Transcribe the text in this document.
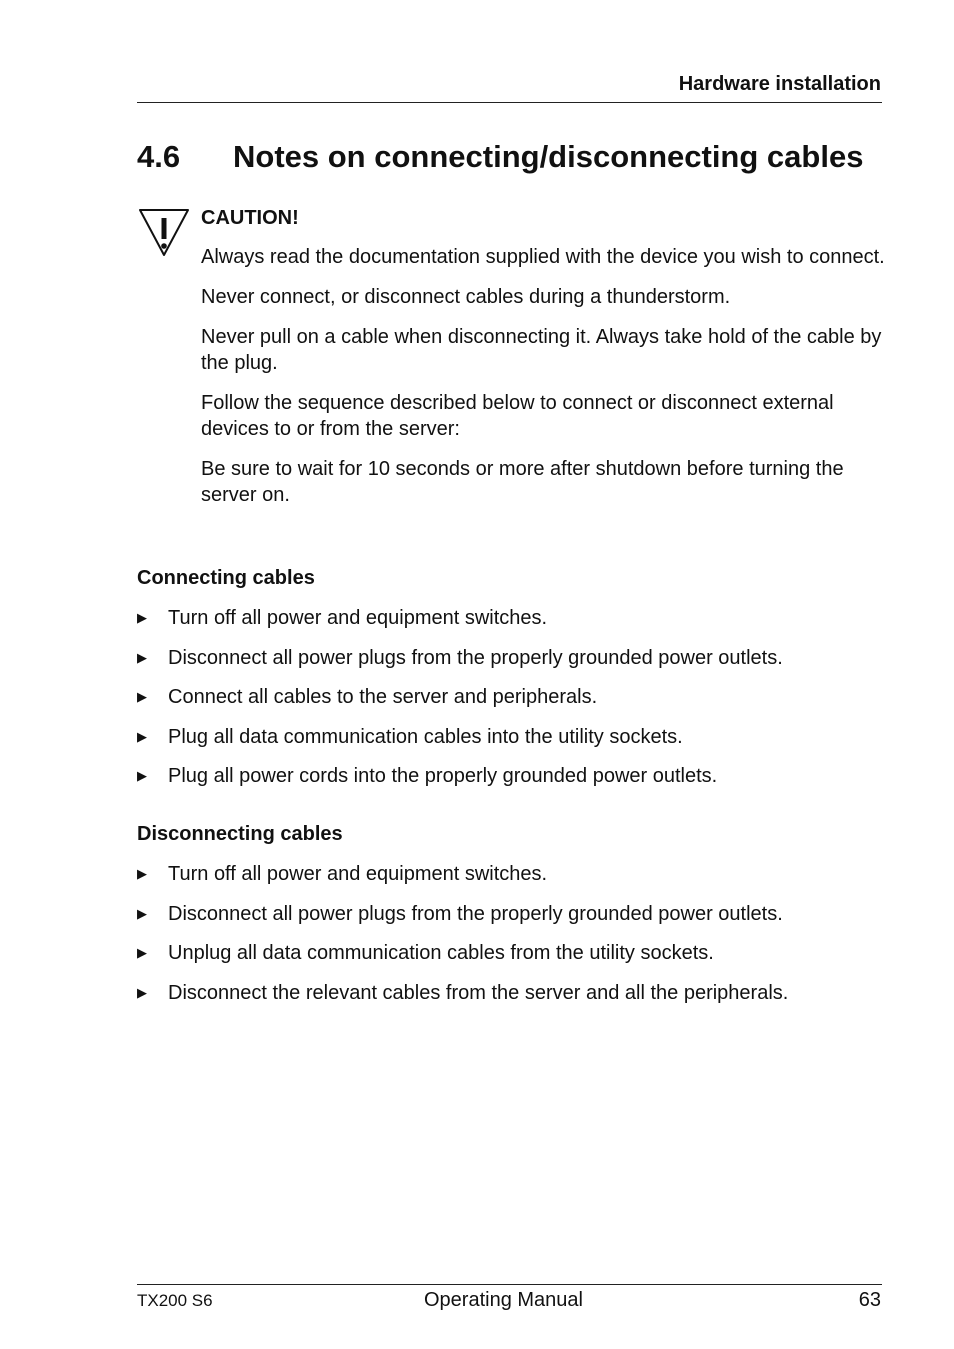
Hardware installation
4.6 Notes on connecting/disconnecting cables
CAUTION!

Always read the documentation supplied with the device you wish to connect.

Never connect, or disconnect cables during a thunderstorm.

Never pull on a cable when disconnecting it. Always take hold of the cable by the plug.

Follow the sequence described below to connect or disconnect external devices to or from the server:

Be sure to wait for 10 seconds or more after shutdown before turning the server on.

Connecting cables
▶ Turn off all power and equipment switches.
▶ Disconnect all power plugs from the properly grounded power outlets.
▶ Connect all cables to the server and peripherals.
▶ Plug all data communication cables into the utility sockets.
▶ Plug all power cords into the properly grounded power outlets.
Disconnecting cables
▶ Turn off all power and equipment switches.
▶ Disconnect all power plugs from the properly grounded power outlets.
▶ Unplug all data communication cables from the utility sockets.
▶ Disconnect the relevant cables from the server and all the peripherals.
TX200 S6	Operating Manual	63
